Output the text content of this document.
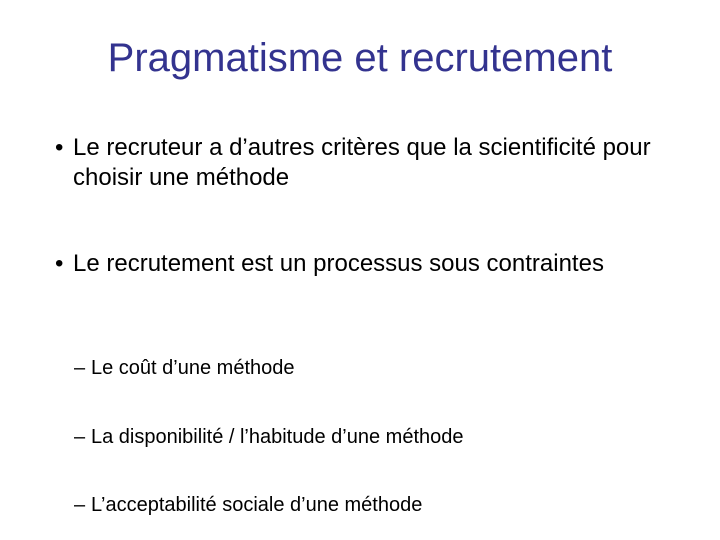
Pragmatisme et recrutement
• Le recruteur a d’autres critères que la scientificité pour choisir une méthode
• Le recrutement est un processus sous contraintes
– Le coût d’une méthode
– La disponibilité / l’habitude d’une méthode
– L’acceptabilité sociale d’une méthode
